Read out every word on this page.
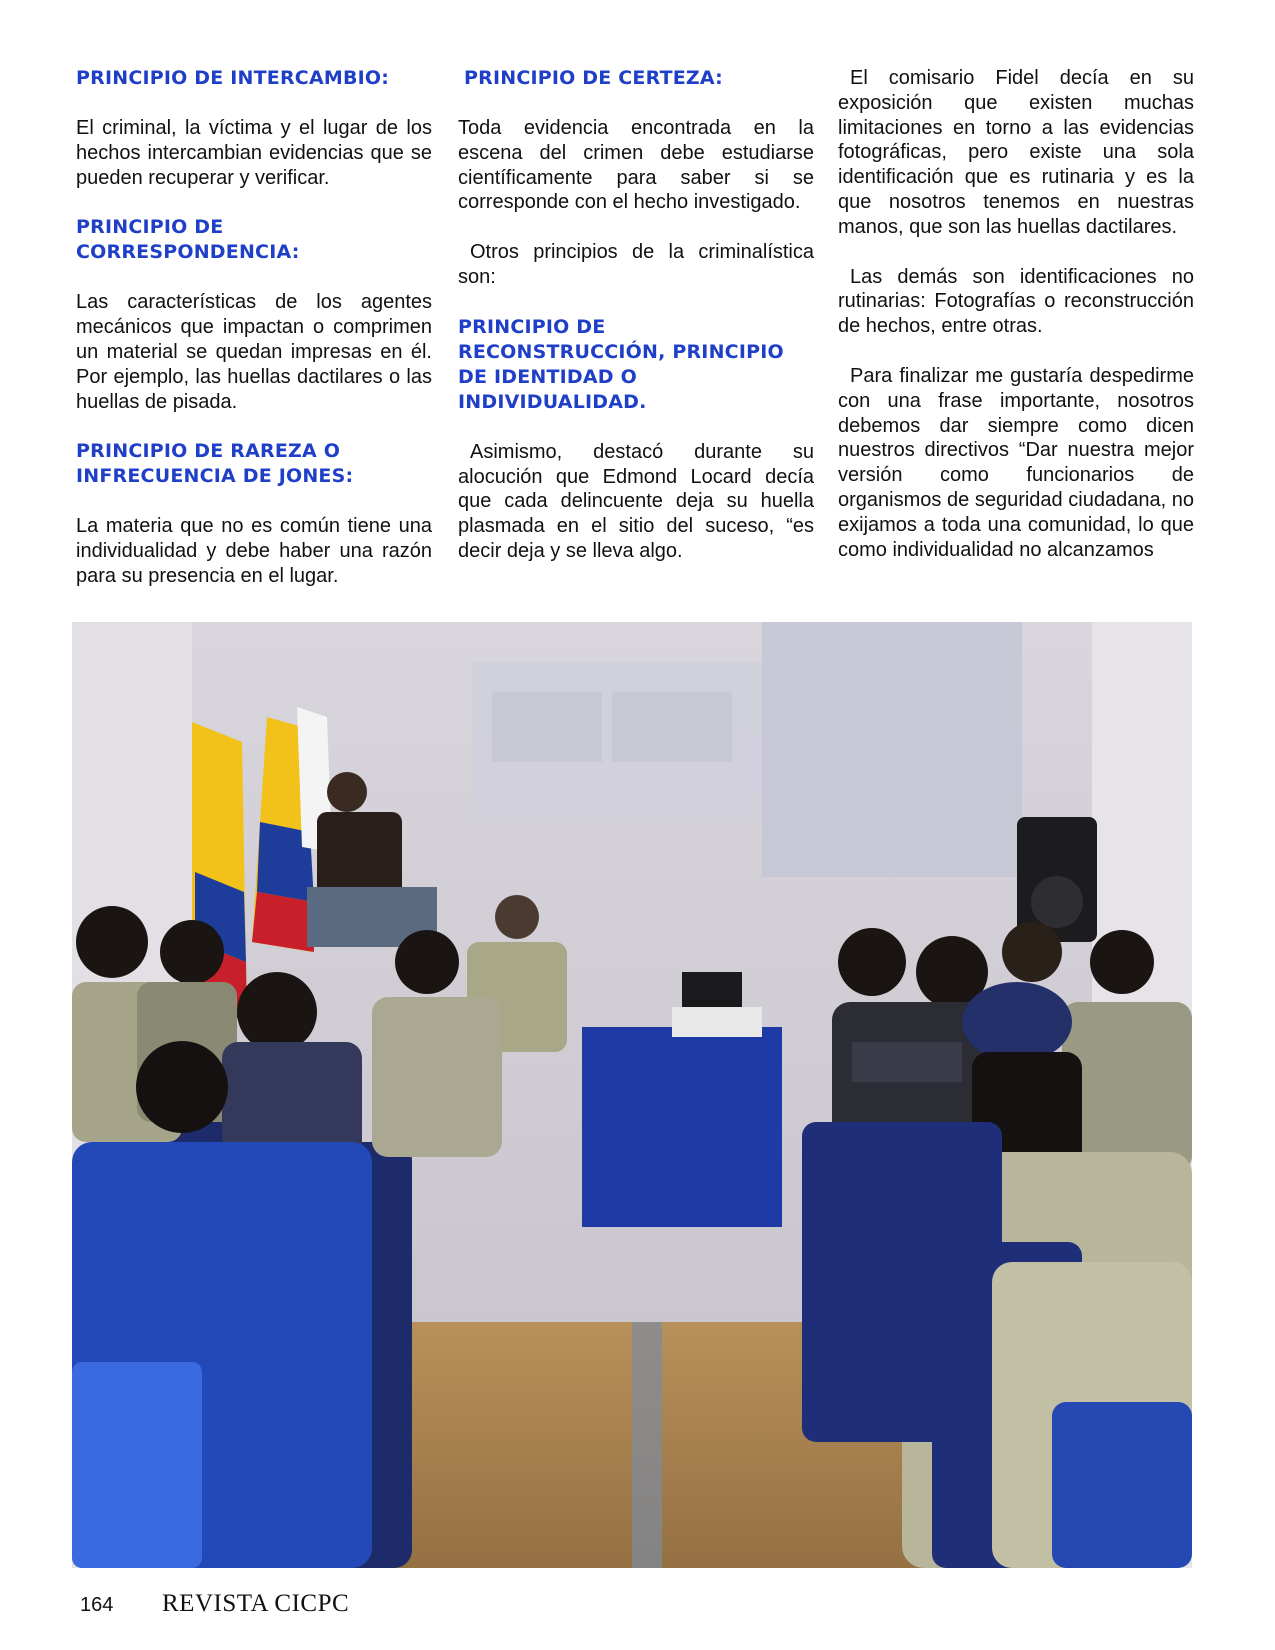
PRINCIPIO DE INTERCAMBIO:

El criminal, la víctima y el lugar de los hechos intercambian evidencias que se pueden recuperar y verificar.

PRINCIPIO DE CORRESPONDENCIA:

Las características de los agentes mecánicos que impactan o comprimen un material se quedan impresas en él. Por ejemplo, las huellas dactilares o las huellas de pisada.

PRINCIPIO DE RAREZA O INFRECUENCIA DE JONES:

La materia que no es común tiene una individualidad y debe haber una razón para su presencia en el lugar.

PRINCIPIO DE CERTEZA:

Toda evidencia encontrada en la escena del crimen debe estudiarse científicamente para saber si se corresponde con el hecho investigado.

Otros principios de la criminalística son:

PRINCIPIO DE RECONSTRUCCIÓN, PRINCIPIO DE IDENTIDAD O INDIVIDUALIDAD.

Asimismo, destacó durante su alocución que Edmond Locard decía que cada delincuente deja su huella plasmada en el sitio del suceso, “es decir deja y se lleva algo.

El comisario Fidel decía en su exposición que existen muchas limitaciones en torno a las evidencias fotográficas, pero existe una sola identificación que es rutinaria y es la que nosotros tenemos en nuestras manos, que son las huellas dactilares.

Las demás son identificaciones no rutinarias: Fotografías o reconstrucción de hechos, entre otras.

Para finalizar me gustaría despedirme con una frase importante, nosotros debemos dar siempre como dicen nuestros directivos “Dar nuestra mejor versión como funcionarios de organismos de seguridad ciudadana, no exijamos a toda una comunidad, lo que como individualidad no alcanzamos

164 REVISTA CICPC
